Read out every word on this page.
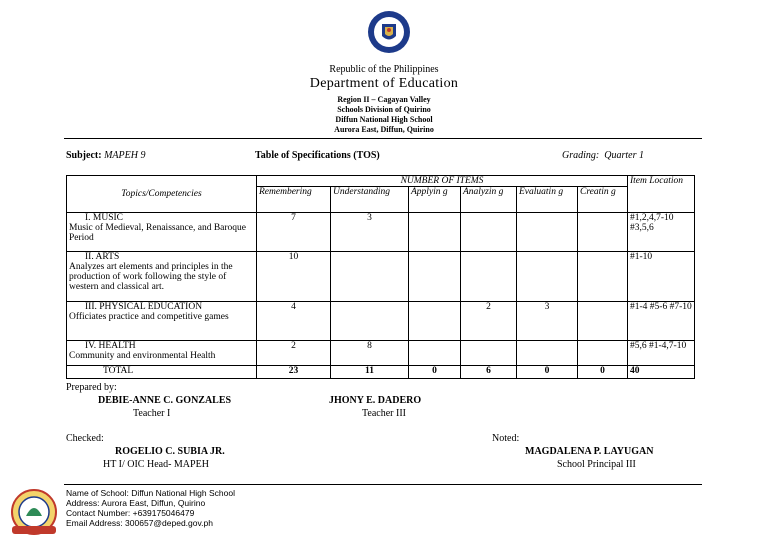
Republic of the Philippines
Department of Education
Region II – Cagayan Valley
Schools Division of Quirino
Diffun National High School
Aurora East, Diffun, Quirino
Subject: MAPEH 9	Table of Specifications (TOS)	Grading: Quarter 1
Topics/Competencies	NUMBER OF ITEMS						Item Location
	Remembering	Understanding	Applyin g	Analyzin g	Evaluatin g	Creatin g	

I. MUSIC
Music of Medieval, Renaissance, and Baroque Period	7	3					#1,2,4,7-10 #3,5,6

II. ARTS
Analyzes art elements and principles in the production of work following the style of western and classical art.	10						#1-10

III. PHYSICAL EDUCATION
Officiates practice and competitive games	4			2	3		#1-4 #5-6 #7-10

IV. HEALTH
Community and environmental Health	2	8					#5,6 #1-4,7-10
TOTAL	23	11	0	6	0	0	40
Prepared by:
DEBIE-ANNE C. GONZALES
Teacher I
JHONY E. DADERO
Teacher III
Checked:
ROGELIO C. SUBIA JR.
HT I/ OIC Head- MAPEH
Noted:
MAGDALENA P. LAYUGAN
School Principal III
Name of School: Diffun National High School
Address: Aurora East, Diffun, Quirino
Contact Number: +639175046479
Email Address: 300657@deped.gov.ph
